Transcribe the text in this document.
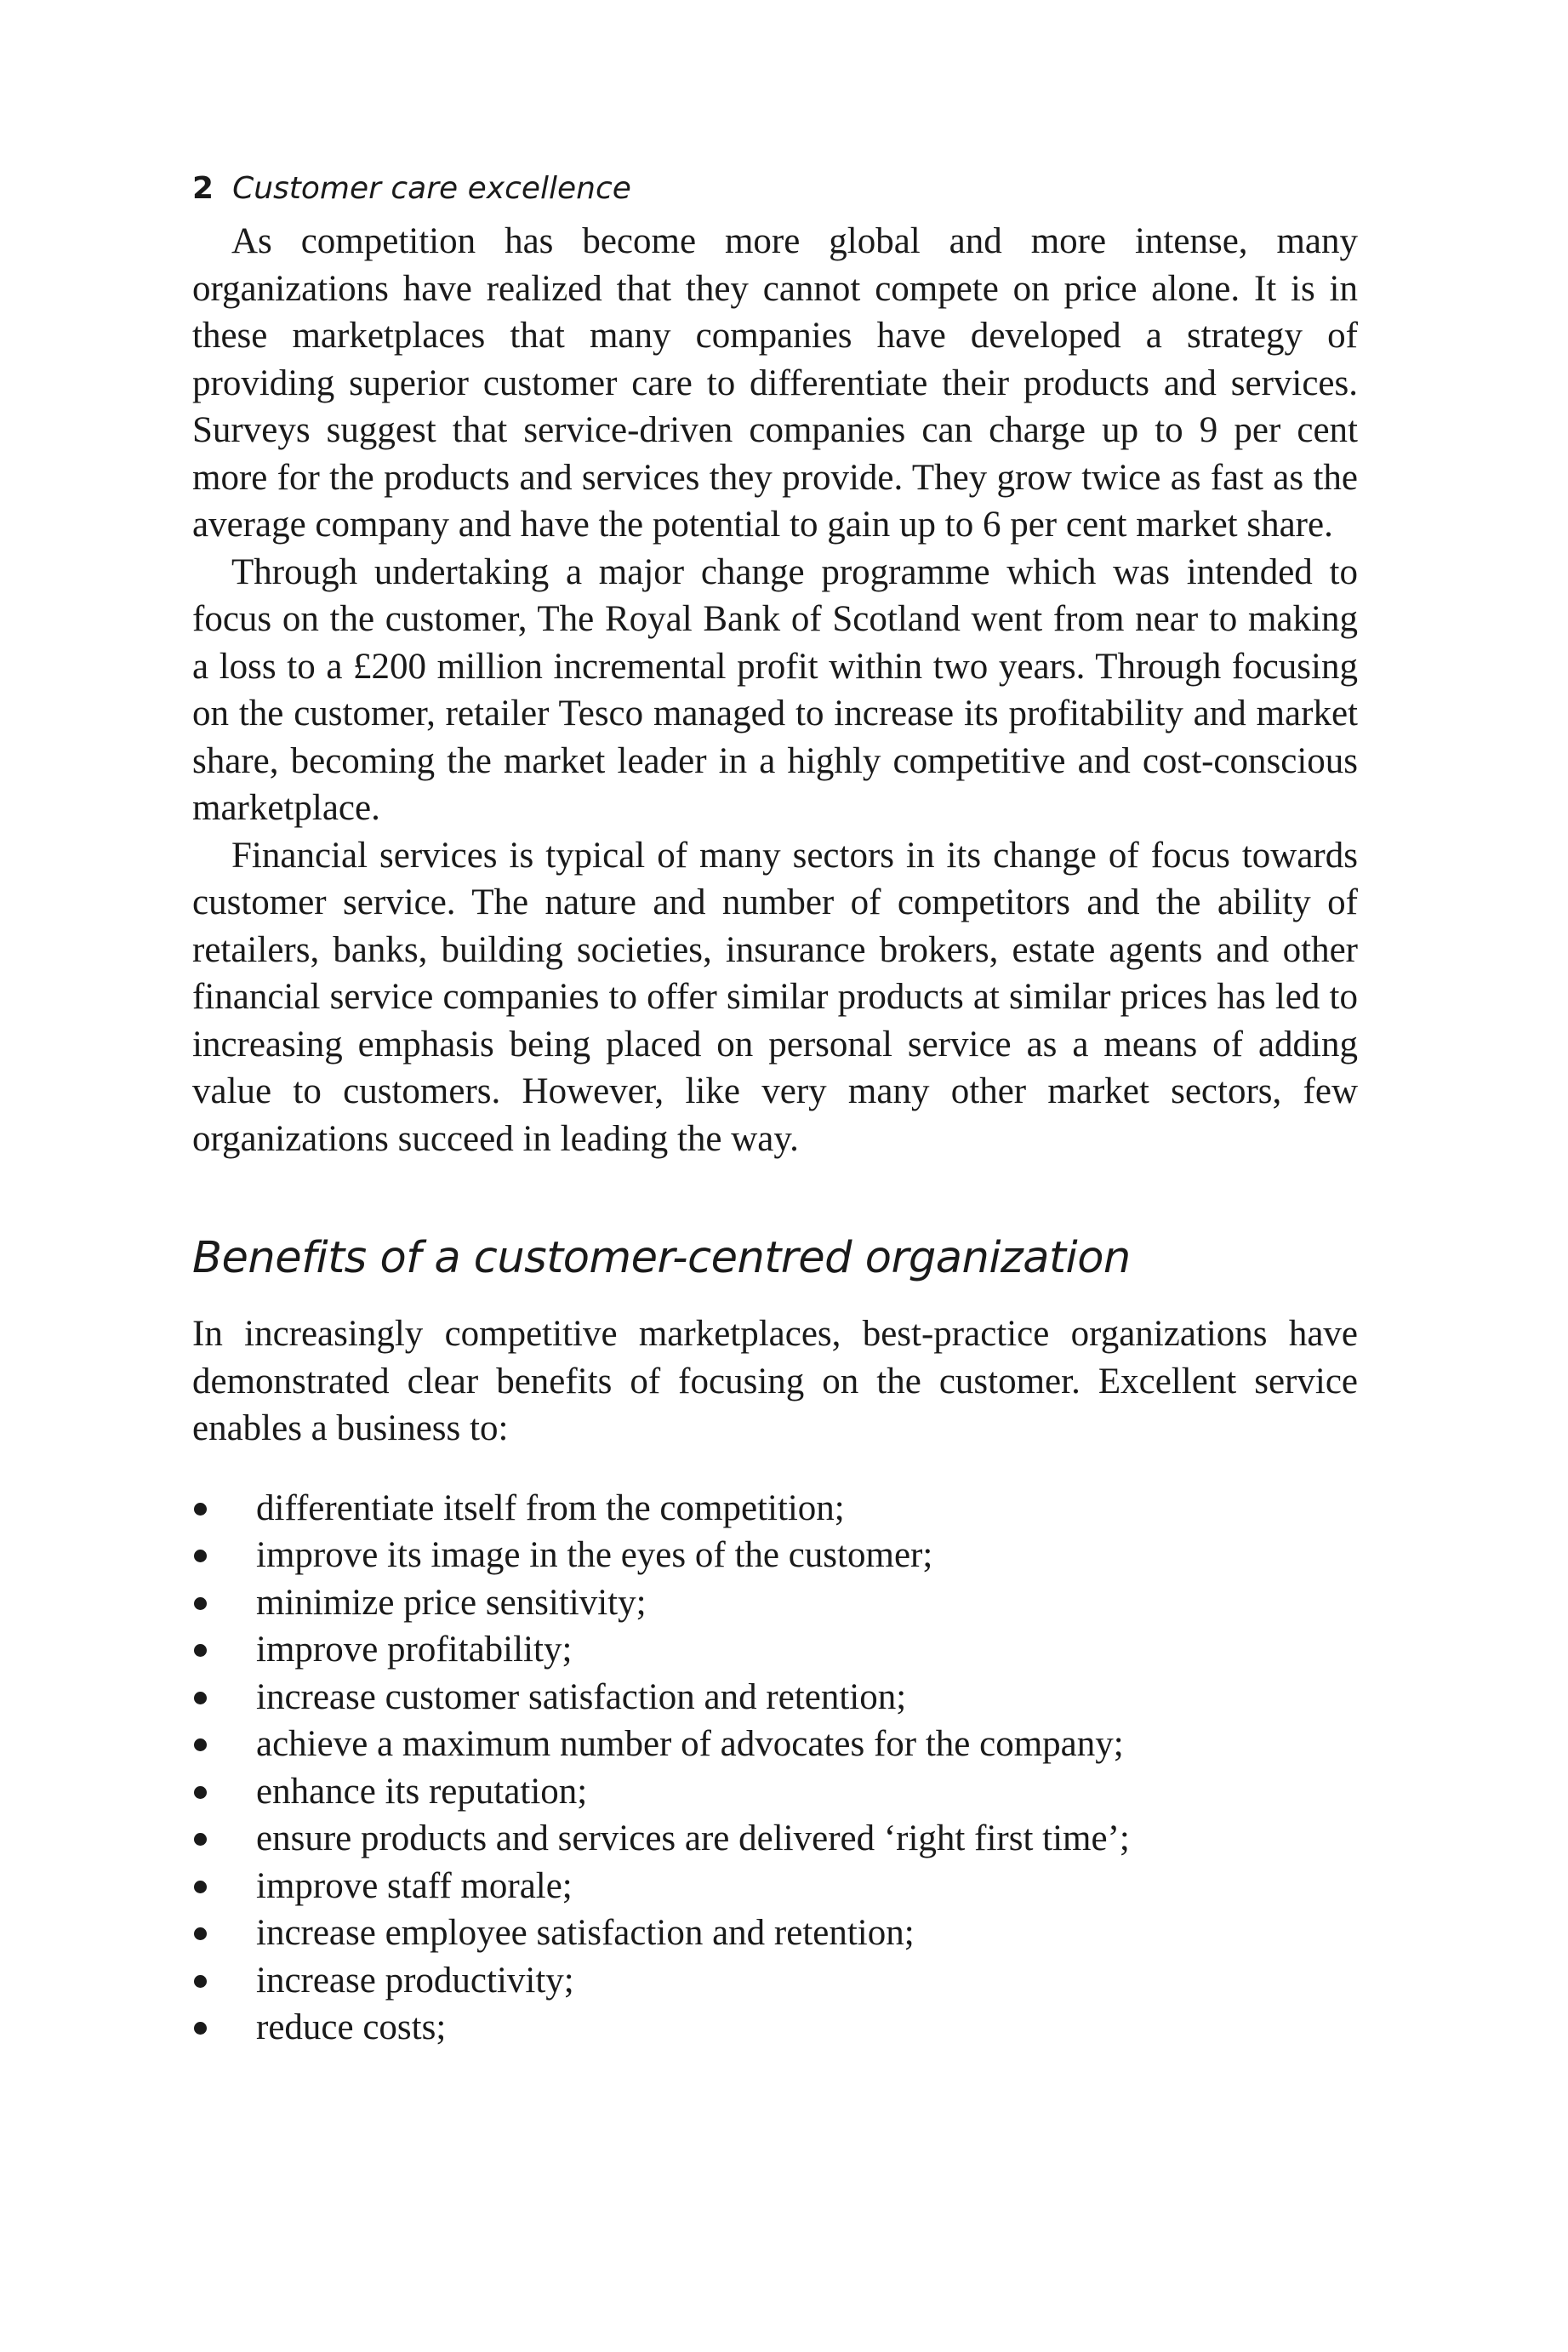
2 Customer care excellence

As competition has become more global and more intense, many organizations have realized that they cannot compete on price alone. It is in these marketplaces that many companies have developed a strategy of providing superior customer care to differentiate their products and services. Surveys suggest that service-driven companies can charge up to 9 per cent more for the products and services they provide. They grow twice as fast as the average company and have the potential to gain up to 6 per cent market share.

Through undertaking a major change programme which was intended to focus on the customer, The Royal Bank of Scotland went from near to making a loss to a £200 million incremental profit within two years. Through focusing on the customer, retailer Tesco managed to increase its profitability and market share, becoming the market leader in a highly competitive and cost-conscious marketplace.

Financial services is typical of many sectors in its change of focus towards customer service. The nature and number of competitors and the ability of retailers, banks, building societies, insurance brokers, estate agents and other financial service companies to offer similar products at similar prices has led to increasing emphasis being placed on personal service as a means of adding value to customers. However, like very many other market sectors, few organizations succeed in leading the way.

Benefits of a customer-centred organization

In increasingly competitive marketplaces, best-practice organizations have demonstrated clear benefits of focusing on the customer. Excellent service enables a business to:

differentiate itself from the competition;
improve its image in the eyes of the customer;
minimize price sensitivity;
improve profitability;
increase customer satisfaction and retention;
achieve a maximum number of advocates for the company;
enhance its reputation;
ensure products and services are delivered ‘right first time’;
improve staff morale;
increase employee satisfaction and retention;
increase productivity;
reduce costs;
